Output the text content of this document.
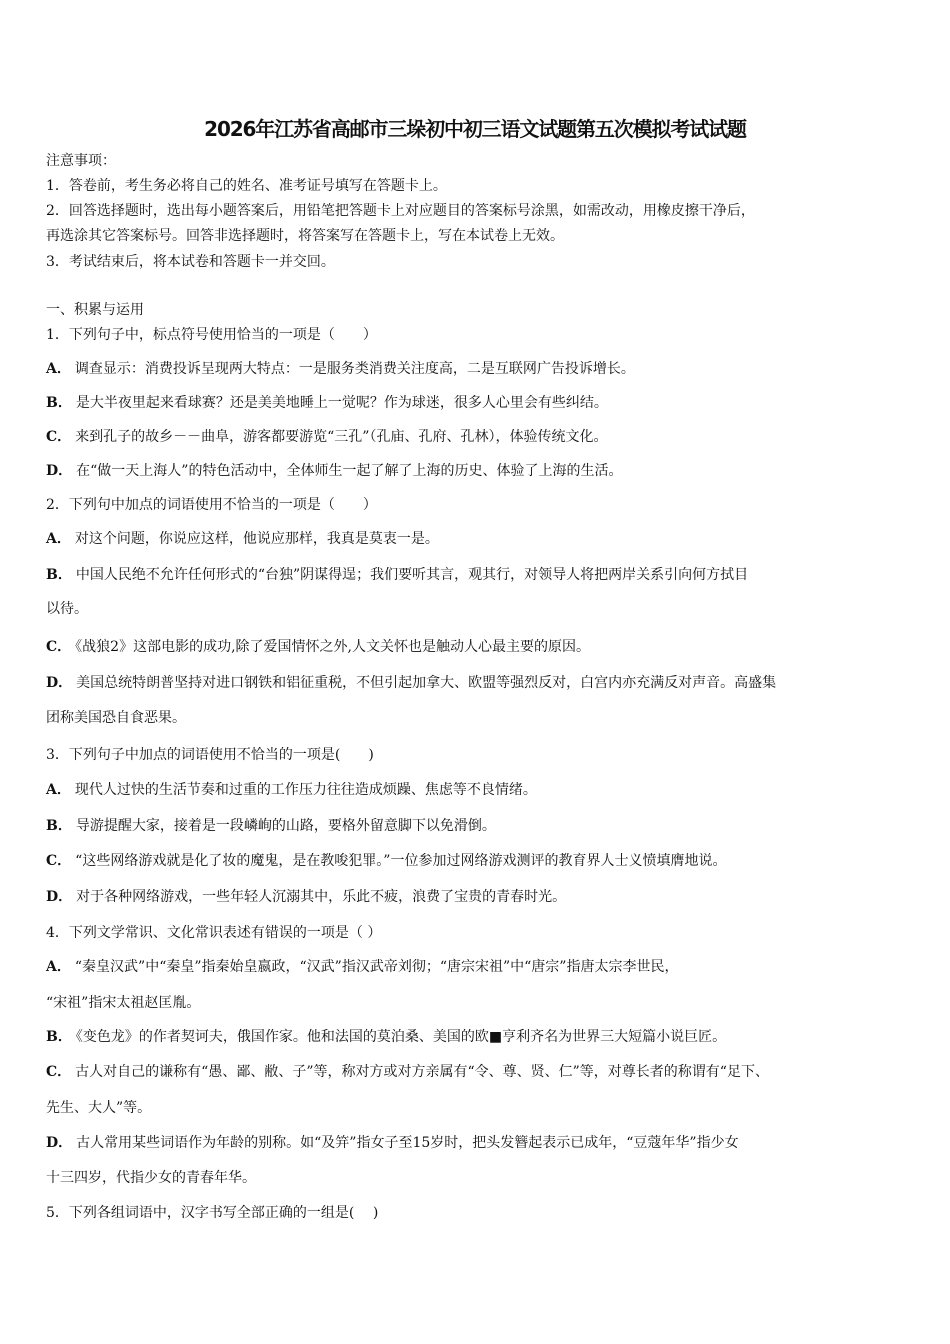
2026年江苏省高邮市三垛初中初三语文试题第五次模拟考试试题
注意事项：
1．答卷前，考生务必将自己的姓名、准考证号填写在答题卡上。
2．回答选择题时，选出每小题答案后，用铅笔把答题卡上对应题目的答案标号涂黑，如需改动，用橡皮擦干净后，
再选涂其它答案标号。回答非选择题时，将答案写在答题卡上，写在本试卷上无效。
3．考试结束后，将本试卷和答题卡一并交回。
一、积累与运用
1．下列句子中，标点符号使用恰当的一项是（　　）
A． 调查显示：消费投诉呈现两大特点：一是服务类消费关注度高，二是互联网广告投诉增长。
B． 是大半夜里起来看球赛？还是美美地睡上一觉呢？作为球迷，很多人心里会有些纠结。
C． 来到孔子的故乡－－曲阜，游客都要游览“三孔”（孔庙、孔府、孔林），体验传统文化。
D． 在“做一天上海人”的特色活动中，全体师生一起了解了上海的历史、体验了上海的生活。
2．下列句中加点的词语使用不恰当的一项是（　　）
A． 对这个问题，你说应这样，他说应那样，我真是莫衷一是。
B． 中国人民绝不允许任何形式的“台独”阴谋得逞；我们要听其言，观其行，对领导人将把两岸关系引向何方拭目
以待。
C． 《战狼2》这部电影的成功,除了爱国情怀之外,人文关怀也是触动人心最主要的原因。
D． 美国总统特朗普坚持对进口钢铁和铝征重税，不但引起加拿大、欧盟等强烈反对，白宫内亦充满反对声音。高盛集
团称美国恐自食恶果。
3．下列句子中加点的词语使用不恰当的一项是(　　)
A． 现代人过快的生活节奏和过重的工作压力往往造成烦躁、焦虑等不良情绪。
B． 导游提醒大家，接着是一段嶙峋的山路，要格外留意脚下以免滑倒。
C． “这些网络游戏就是化了妆的魔鬼，是在教唆犯罪。”一位参加过网络游戏测评的教育界人士义愤填膺地说。
D． 对于各种网络游戏，一些年轻人沉溺其中，乐此不疲，浪费了宝贵的青春时光。
4．下列文学常识、文化常识表述有错误的一项是（ ）
A． “秦皇汉武”中“秦皇”指秦始皇嬴政，“汉武”指汉武帝刘彻；“唐宗宋祖”中“唐宗”指唐太宗李世民，
“宋祖”指宋太祖赵匡胤。
B． 《变色龙》的作者契诃夫，俄国作家。他和法国的莫泊桑、美国的欧■亨利齐名为世界三大短篇小说巨匠。
C． 古人对自己的谦称有“愚、鄙、敝、子”等，称对方或对方亲属有“令、尊、贤、仁”等，对尊长者的称谓有“足下、
先生、大人”等。
D． 古人常用某些词语作为年龄的别称。如“及笄”指女子至15岁时，把头发簪起表示已成年，“豆蔻年华”指少女
十三四岁，代指少女的青春年华。
5．下列各组词语中，汉字书写全部正确的一组是(　 )
